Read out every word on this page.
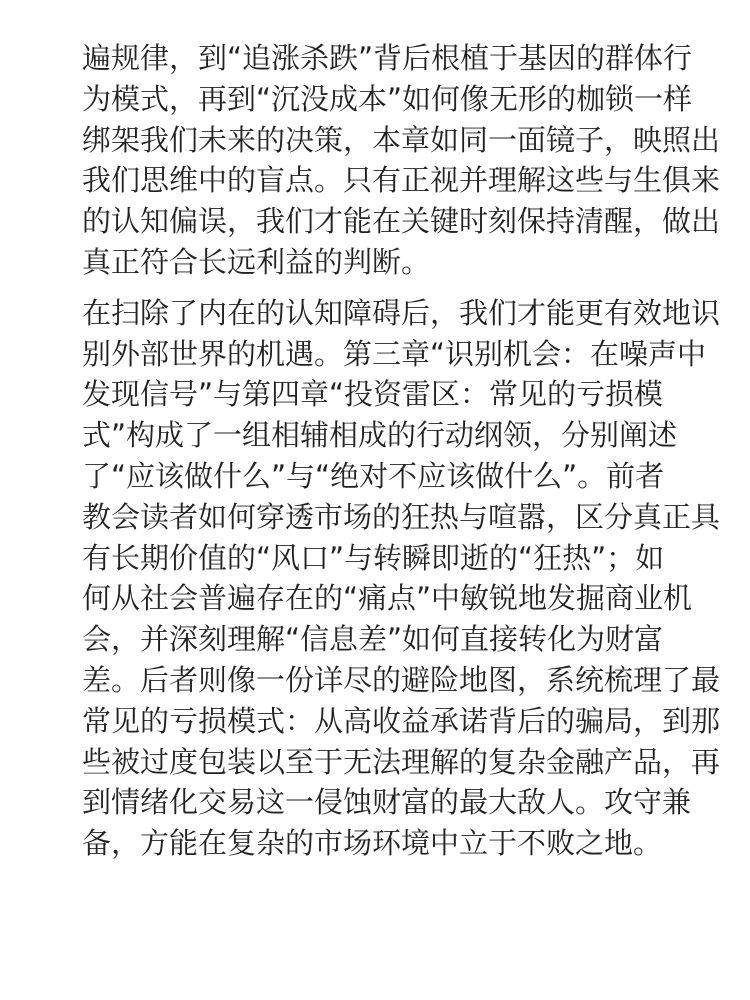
遍规律，到“追涨杀跌”背后根植于基因的群体行
为模式，再到“沉没成本”如何像无形的枷锁一样
绑架我们未来的决策，本章如同一面镜子，映照出
我们思维中的盲点。只有正视并理解这些与生俱来
的认知偏误，我们才能在关键时刻保持清醒，做出
真正符合长远利益的判断。

在扫除了内在的认知障碍后，我们才能更有效地识
别外部世界的机遇。第三章“识别机会：在噪声中
发现信号”与第四章“投资雷区：常见的亏损模
式”构成了一组相辅相成的行动纲领，分别阐述
了“应该做什么”与“绝对不应该做什么”。前者
教会读者如何穿透市场的狂热与喧嚣，区分真正具
有长期价值的“风口”与转瞬即逝的“狂热”；如
何从社会普遍存在的“痛点”中敏锐地发掘商业机
会，并深刻理解“信息差”如何直接转化为财富
差。后者则像一份详尽的避险地图，系统梳理了最
常见的亏损模式：从高收益承诺背后的骗局，到那
些被过度包装以至于无法理解的复杂金融产品，再
到情绪化交易这一侵蚀财富的最大敌人。攻守兼
备，方能在复杂的市场环境中立于不败之地。
